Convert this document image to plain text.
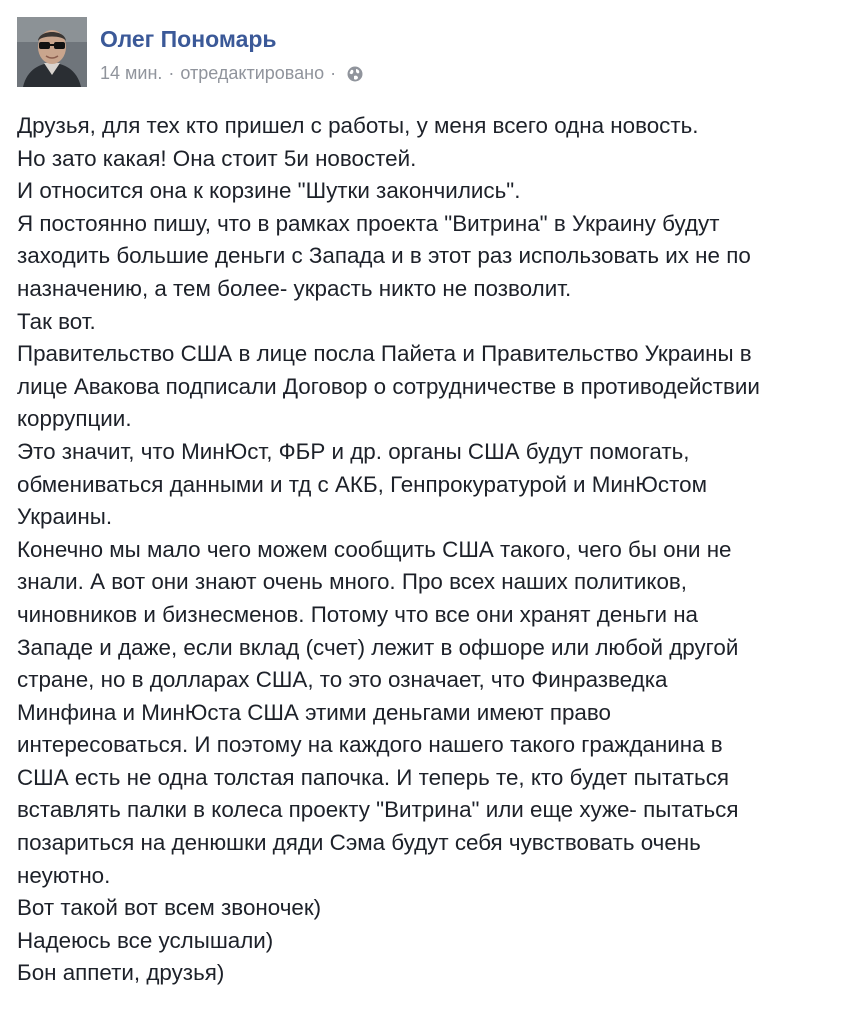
Олег Пономарь
14 мин. · отредактировано ·
Друзья, для тех кто пришел с работы, у меня всего одна новость.
Но зато какая! Она стоит 5и новостей.
И относится она к корзине "Шутки закончились".
Я постоянно пишу, что в рамках проекта "Витрина" в Украину будут
заходить большие деньги с Запада и в этот раз использовать их не по
назначению, а тем более- украсть никто не позволит.
Так вот.
Правительство США в лице посла Пайета и Правительство Украины в
лице Авакова подписали Договор о сотрудничестве в противодействии
коррупции.
Это значит, что МинЮст, ФБР и др. органы США будут помогать,
обмениваться данными и тд с АКБ, Генпрокуратурой и МинЮстом
Украины.
Конечно мы мало чего можем сообщить США такого, чего бы они не
знали. А вот они знают очень много. Про всех наших политиков,
чиновников и бизнесменов. Потому что все они хранят деньги на
Западе и даже, если вклад (счет) лежит в офшоре или любой другой
стране, но в долларах США, то это означает, что Финразведка
Минфина и МинЮста США этими деньгами имеют право
интересоваться. И поэтому на каждого нашего такого гражданина в
США есть не одна толстая папочка. И теперь те, кто будет пытаться
вставлять палки в колеса проекту "Витрина" или еще хуже- пытаться
позариться на денюшки дяди Сэма будут себя чувствовать очень
неуютно.
Вот такой вот всем звоночек)
Надеюсь все услышали)
Бон аппети, друзья)
